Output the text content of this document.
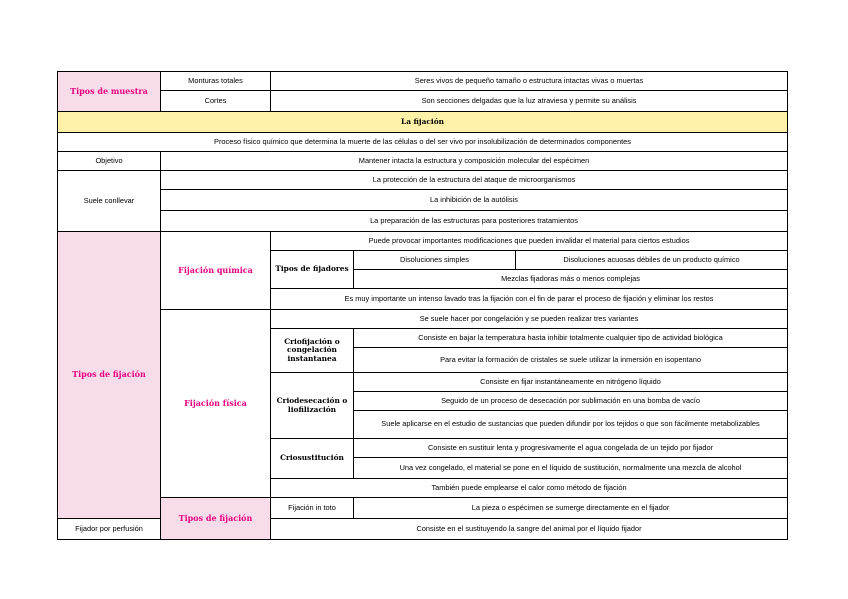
Tipos de muestra	Monturas totales	Seres vivos de pequeño tamaño o estructura intactas vivas o muertas		
	Cortes	Son secciones delgadas que la luz atraviesa y permite su análisis		
La fijación				
Proceso físico químico que determina la muerte de las células o del ser vivo por insolubilización de determinados componentes				
Objetivo	Mantener intacta la estructura y composición molecular del espécimen			
Suele conllevar	La protección de la estructura del ataque de microorganismos			
	La inhibición de la autólisis			
	La preparación de las estructuras para posteriores tratamientos			
Tipos de fijación	Fijación química	Puede provocar importantes modificaciones que pueden invalidar el material para ciertos estudios		
		Tipos de fijadores	Disoluciones simples	Disoluciones acuosas débiles de un producto químico
			Mezclas fijadoras más o menos complejas	
		Es muy importante un intenso lavado tras la fijación con el fin de parar el proceso de fijación y eliminar los restos		
	Fijación física	Se suele hacer por congelación y se pueden realizar tres variantes		
		Criofijación o congelación instantanea	Consiste en bajar la temperatura hasta inhibir totalmente cualquier tipo de actividad biológica	
			Para evitar la formación de cristales se suele utilizar la inmersión en isopentano	
		Criodesecación o liofilización	Consiste en fijar instantáneamente en nitrógeno líquido	
			Seguido de un proceso de desecación por sublimación en una bomba de vacío	
			Suele aplicarse en el estudio de sustancias que pueden difundir por los tejidos o que son fácilmente metabolizables	
		Criosustitución	Consiste en sustituir lenta y progresivamente el agua congelada de un tejido por fijador	
			Una vez congelado, el material se pone en el líquido de sustitución, normalmente una mezcla de alcohol	
		También puede emplearse el calor como método de fijación		
	Tipos de fijación	Fijación in toto	La pieza o espécimen se sumerge directamente en el fijador	
Fijador por perfusión		Consiste en el sustituyendo la sangre del animal por el líquido fijador		
